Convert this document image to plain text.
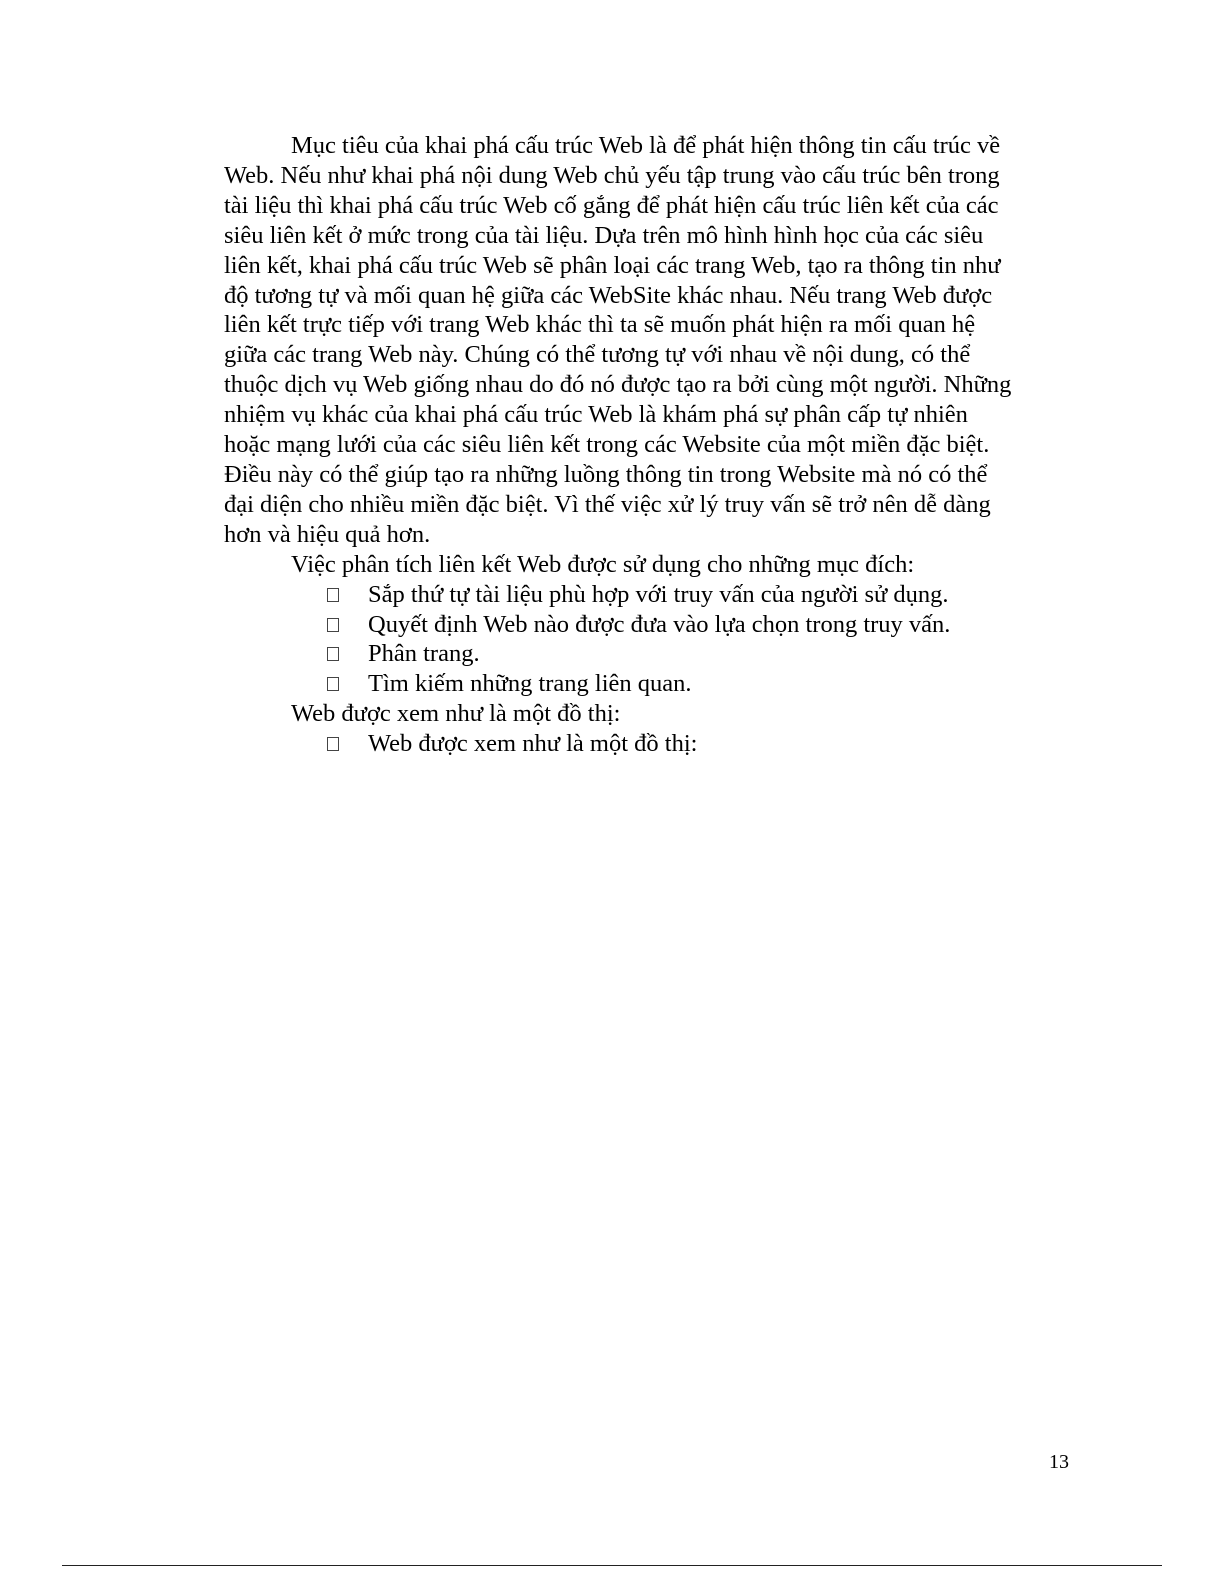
Mục tiêu của khai phá cấu trúc Web là để phát hiện thông tin cấu trúc về
Web. Nếu như khai phá nội dung Web chủ yếu tập trung vào cấu trúc bên trong
tài liệu thì khai phá cấu trúc Web cố gắng để phát hiện cấu trúc liên kết của các
siêu liên kết ở mức trong của tài liệu. Dựa trên mô hình hình học của các siêu
liên kết, khai phá cấu trúc Web sẽ phân loại các trang Web, tạo ra thông tin như
độ tương tự và mối quan hệ giữa các WebSite khác nhau. Nếu trang Web được
liên kết trực tiếp với trang Web khác thì ta sẽ muốn phát hiện ra mối quan hệ
giữa các trang Web này. Chúng có thể tương tự với nhau về nội dung, có thể
thuộc dịch vụ Web giống nhau do đó nó được tạo ra bởi cùng một người. Những
nhiệm vụ khác của khai phá cấu trúc Web là khám phá sự phân cấp tự nhiên
hoặc mạng lưới của các siêu liên kết trong các Website của một miền đặc biệt.
Điều này có thể giúp tạo ra những luồng thông tin trong Website mà nó có thể
đại diện cho nhiều miền đặc biệt. Vì thế việc xử lý truy vấn sẽ trở nên dễ dàng
hơn và hiệu quả hơn.
Việc phân tích liên kết Web được sử dụng cho những mục đích:
Sắp thứ tự tài liệu phù hợp với truy vấn của người sử dụng.
Quyết định Web nào được đưa vào lựa chọn trong truy vấn.
Phân trang.
Tìm kiếm những trang liên quan.
Web được xem như là một đồ thị:
Web được xem như là một đồ thị:
13
